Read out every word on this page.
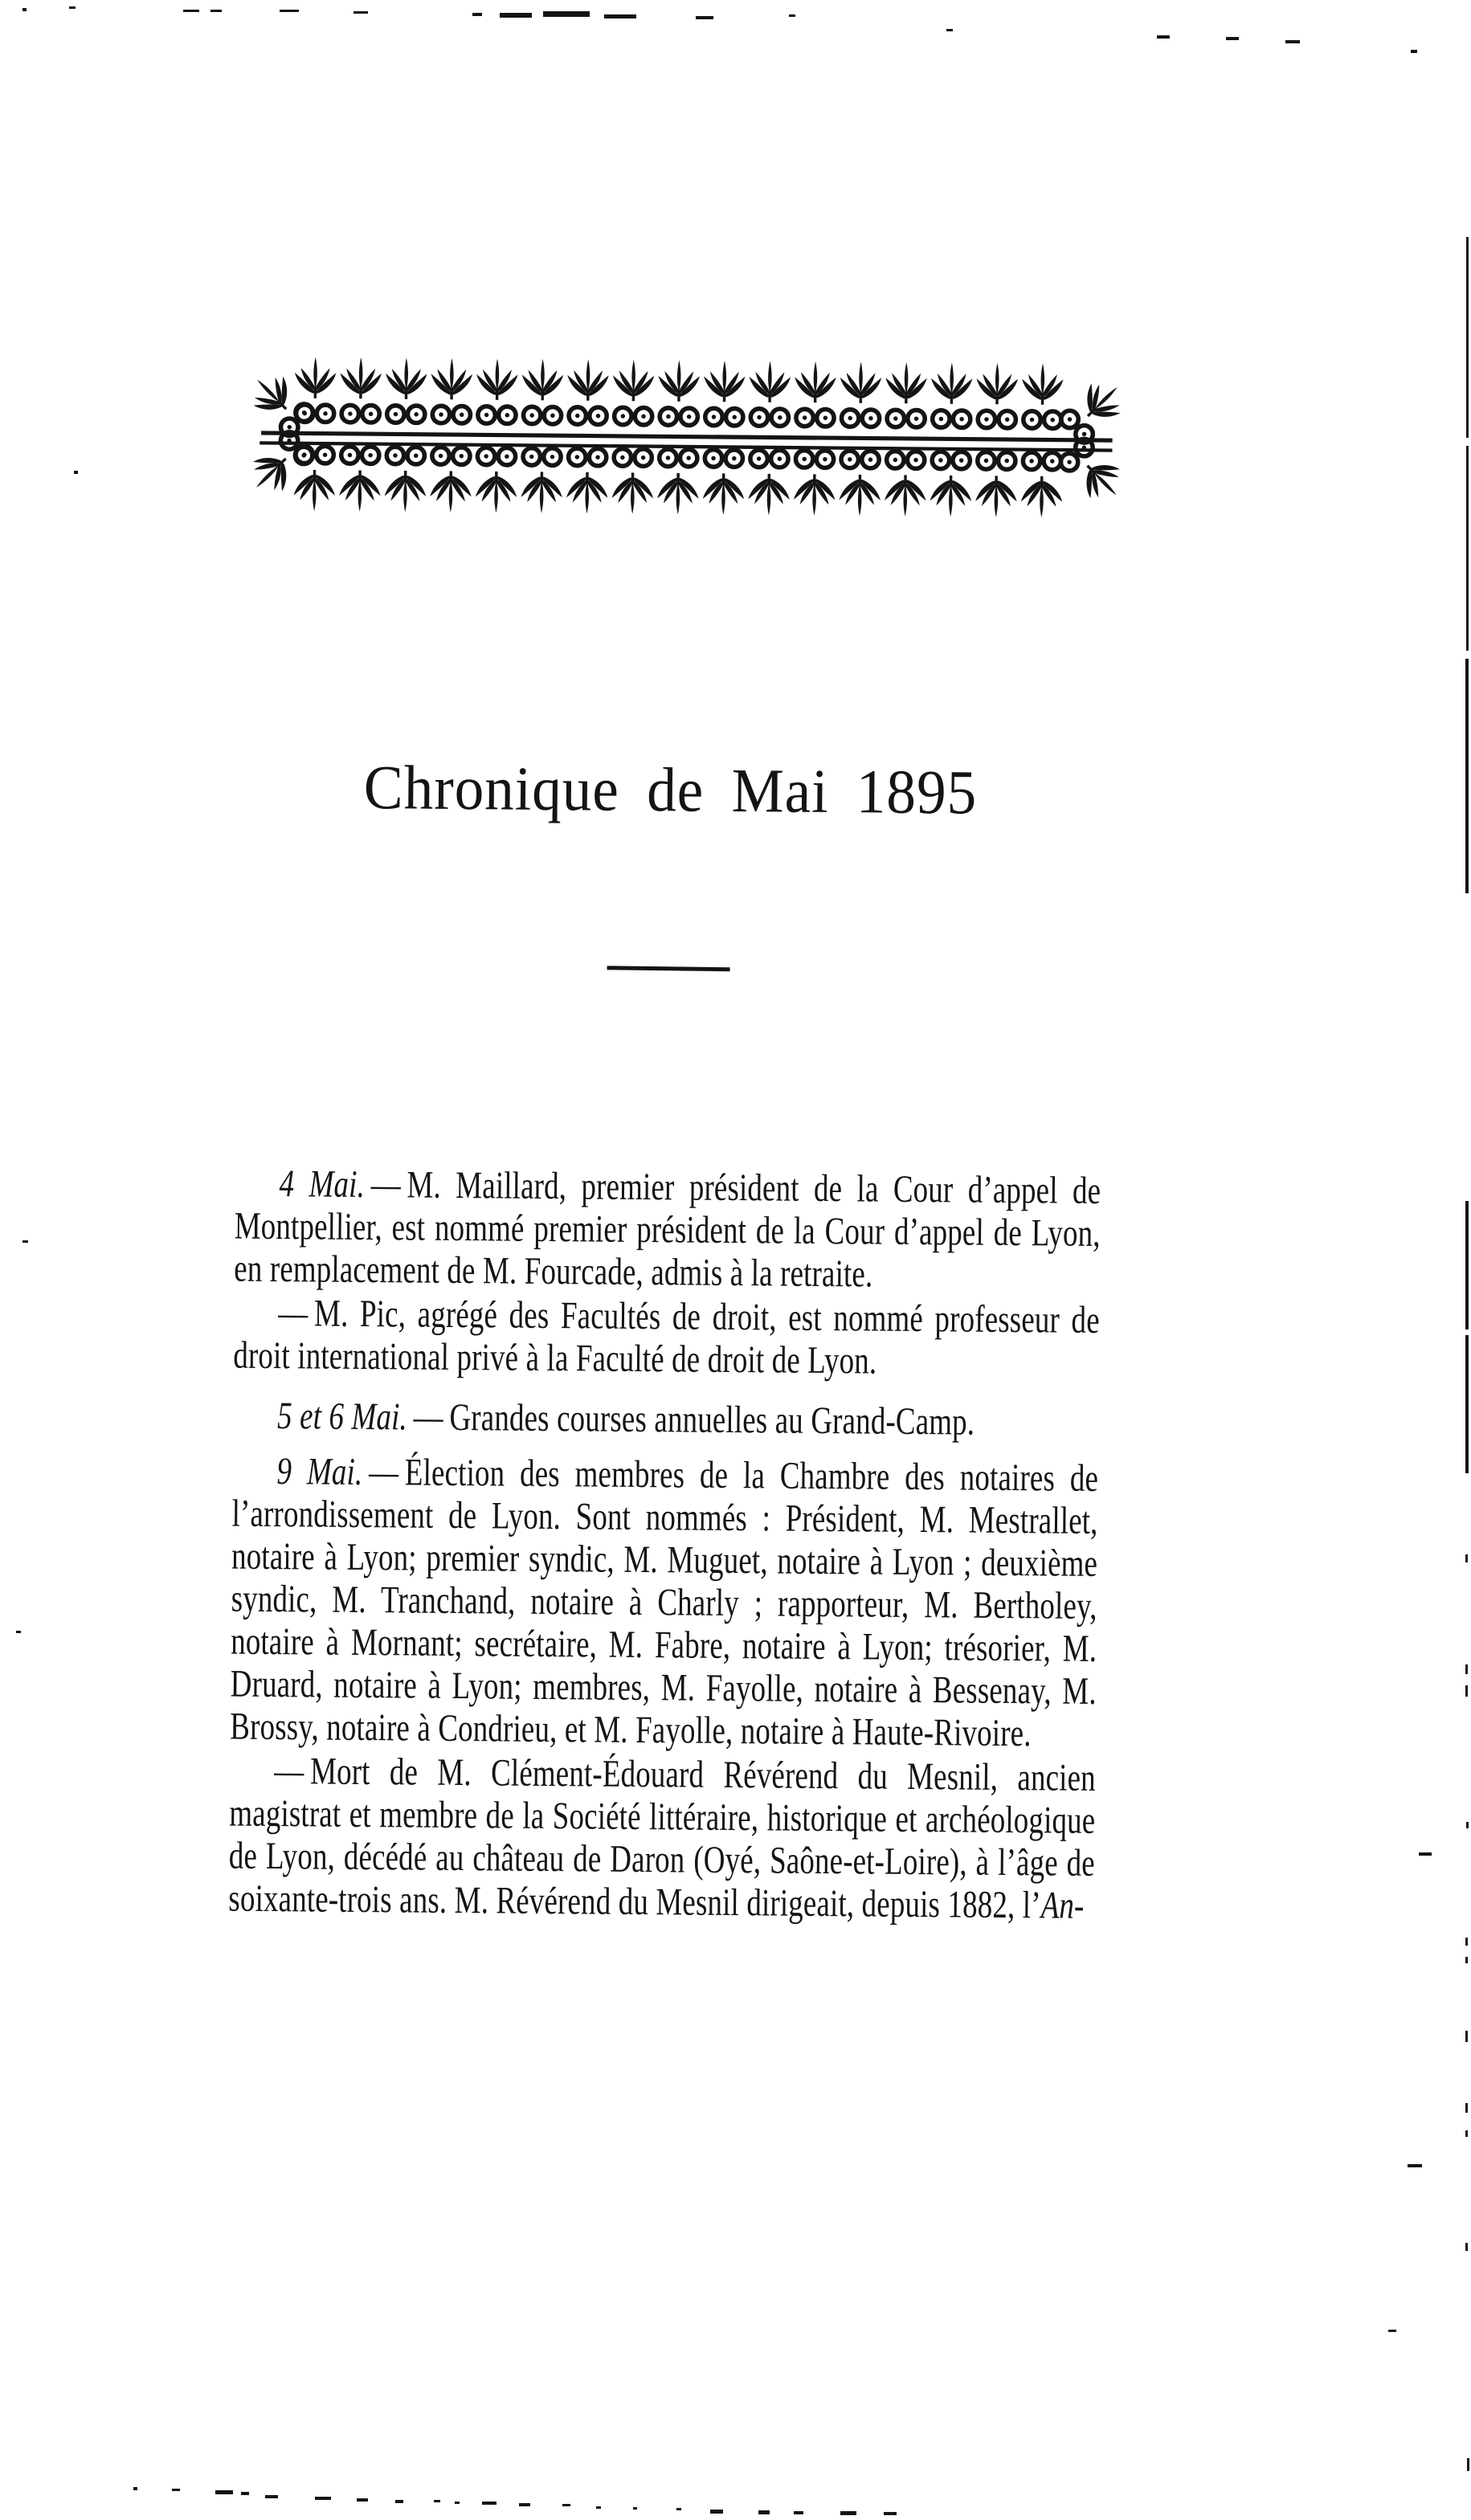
Chronique de Mai 1895

4 Mai. — M. Maillard, premier président de la Cour d’appel de Montpellier, est nommé premier président de la Cour d’appel de Lyon, en remplacement de M. Fourcade, admis à la retraite.

— M. Pic, agrégé des Facultés de droit, est nommé professeur de droit international privé à la Faculté de droit de Lyon.

5 et 6 Mai. — Grandes courses annuelles au Grand-Camp.

9 Mai. — Élection des membres de la Chambre des notaires de l’arrondissement de Lyon. Sont nommés : Président, M. Mestrallet, notaire à Lyon; premier syndic, M. Muguet, notaire à Lyon ; deuxième syndic, M. Tranchand, notaire à Charly ; rapporteur, M. Bertholey, notaire à Mornant; secrétaire, M. Fabre, notaire à Lyon; trésorier, M. Druard, notaire à Lyon; membres, M. Fayolle, notaire à Bessenay, M. Brossy, notaire à Condrieu, et M. Fayolle, notaire à Haute-Rivoire.

— Mort de M. Clément-Édouard Révérend du Mesnil, ancien magistrat et membre de la Société littéraire, historique et archéologique de Lyon, décédé au château de Daron (Oyé, Saône-et-Loire), à l’âge de soixante-trois ans. M. Révérend du Mesnil dirigeait, depuis 1882, l’An-
